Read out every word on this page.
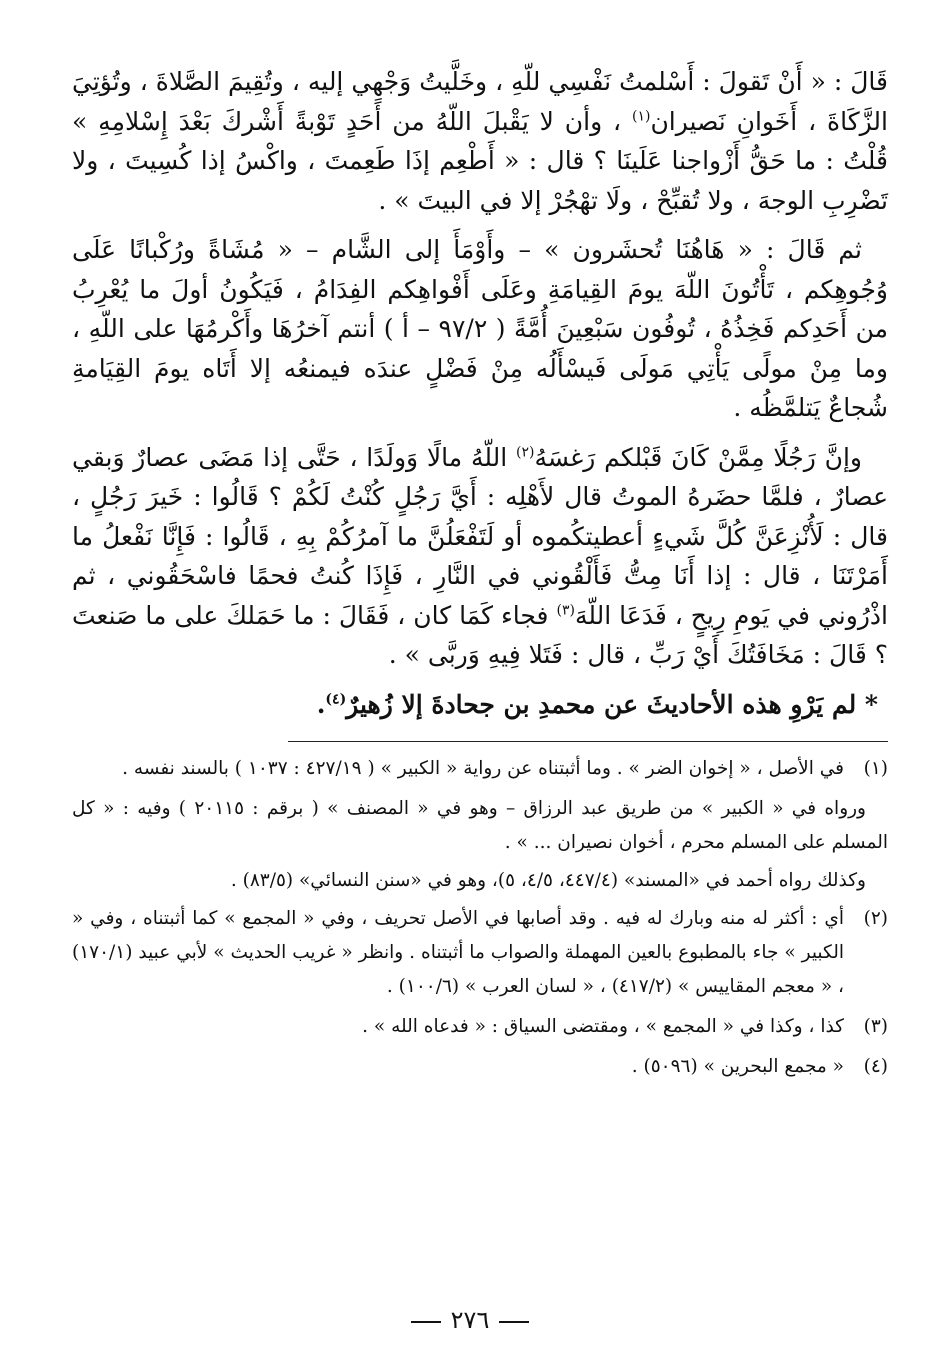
قَالَ : « أَنْ تَقولَ : أَسْلمتُ نَفْسِي للّهِ ، وخَلَّيتُ وَجْهِي إليه ، وتُقِيمَ الصَّلاةَ ، وتُؤتِيَ الزَّكَاةَ ، أَخَوانِ نَصيران$^{(١)}$ ، وأن لا يَقْبلَ اللّهُ من أَحَدٍ تَوْبةً أَشْركَ بَعْدَ إِسْلامِهِ » قُلْتُ : ما حَقُّ أَزْواجنا عَلَينَا ؟ قال : « أَطْعِم إذَا طَعِمتَ ، واكْسُ إذا كُسِيتَ ، ولا تَضْرِبِ الوجهَ ، ولا تُقبِّحْ ، ولَا تهْجُرْ إلا في البيتَ » .

ثم قَالَ : « هَاهُنَا تُحشَرون » – وأَوْمَأَ إلى الشَّام – « مُشَاةً ورُكْبانًا عَلَى وُجُوهِكم ، تَأْتُونَ اللّهَ يومَ القِيامَةِ وعَلَى أَفْواهِكم الفِدَامُ ، فَيَكُونُ أولَ ما يُعْرِبُ من أَحَدِكم فَخِذُهُ ، تُوفُون سَبْعِينَ أُمَّةً ( ٩٧/٢ – أ ) أنتم آخرُهَا وأَكْرمُهَا على اللّهِ ، وما مِنْ مولًى يَأْتِي مَولَى فَيسْأَلُه مِنْ فَضْلٍ عندَه فيمنعُه إلا أَتَاه يومَ القِيَامةِ شُجاعٌ يَتلمَّظُه .

وإنَّ رَجُلًا مِمَّنْ كَانَ قَبْلكم رَغسَهُ$^{(٢)}$ اللّهُ مالًا وَولَدًا ، حَتَّى إذا مَضَى عصارٌ وَبقي عصارٌ ، فلمَّا حضَرهُ الموتُ قال لأَهْلِه : أَيَّ رَجُلٍ كُنْتُ لَكُمْ ؟ قَالُوا : خَيرَ رَجُلٍ ، قال : لَأُنْزِعَنَّ كُلَّ شَيءٍ أعطيتكُموه أو لَتَفْعَلُنَّ ما آمرُكُمْ بِهِ ، قَالُوا : فَإِنَّا نَفْعلُ ما أَمَرْتَنَا ، قال : إذا أَنَا مِتُّ فَأَلْقُوني في النَّارِ ، فَإِذَا كُنتُ فحمًا فاسْحَقُوني ، ثم اذْرُوني في يَومِ رِيحٍ ، فَدَعَا اللّهَ$^{(٣)}$ فجاء كَمَا كان ، فَقَالَ : ما حَمَلكَ على ما صَنعتَ ؟ قَالَ : مَخَافَتُكَ أَيْ رَبِّ ، قال : فَتَلا فِيهِ وَربَّى » .

* لم يَرْوِ هذه الأحاديثَ عن محمدِ بن جحادةَ إلا زُهيرٌ$^{(٤)}$.

(١)

في الأصل ، « إخوان الضر » . وما أثبتناه عن رواية « الكبير » ( ٤٢٧/١٩ : ١٠٣٧ ) بالسند نفسه .

ورواه في « الكبير » من طريق عبد الرزاق – وهو في « المصنف » ( برقم : ٢٠١١٥ ) وفيه : « كل المسلم على المسلم محرم ، أخوان نصيران ... » .

وكذلك رواه أحمد في «المسند» (٤٤٧/٤، ٤/٥، ٥)، وهو في «سنن النسائي» (٨٣/٥) .

(٢)

أي : أكثر له منه وبارك له فيه . وقد أصابها في الأصل تحريف ، وفي « المجمع » كما أثبتناه ، وفي « الكبير » جاء بالمطبوع بالعين المهملة والصواب ما أثبتناه . وانظر « غريب الحديث » لأبي عبيد (١٧٠/١) ، « معجم المقاييس » (٤١٧/٢) ، « لسان العرب » (١٠٠/٦) .

(٣)

كذا ، وكذا في « المجمع » ، ومقتضى السياق : « فدعاه الله » .

(٤)

« مجمع البحرين » (٥٠٩٦) .

٢٧٦
